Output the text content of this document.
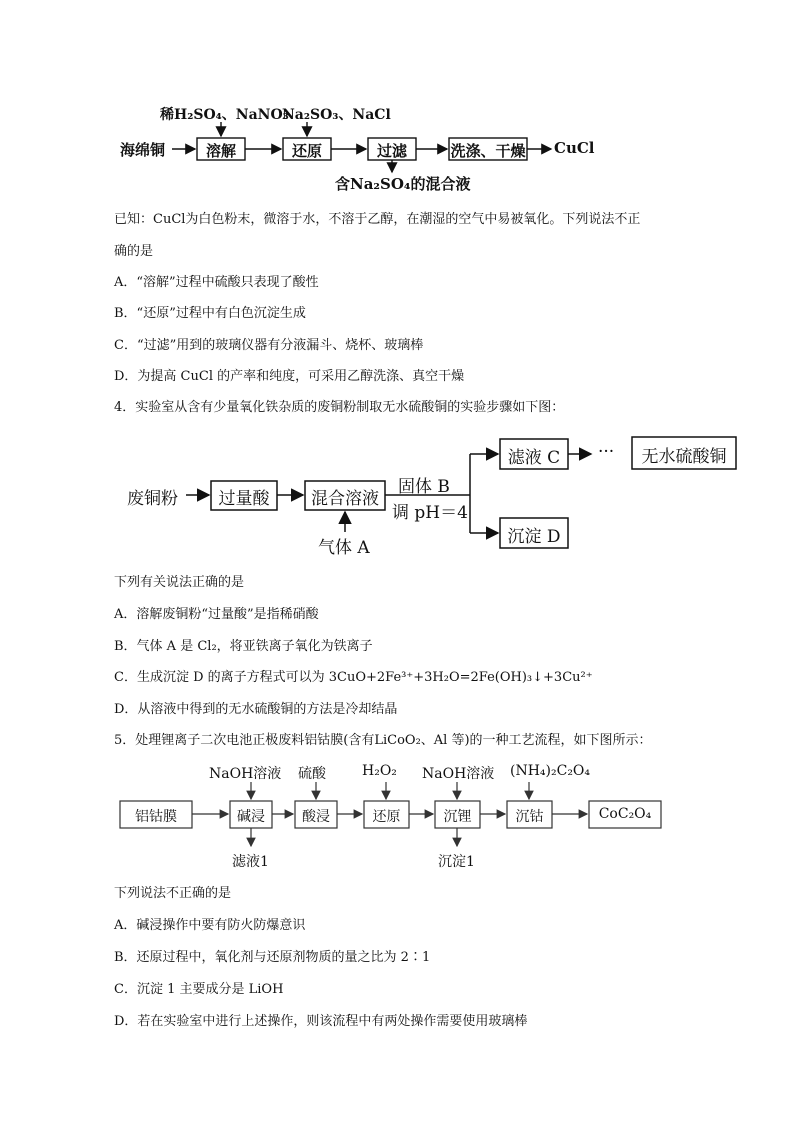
海绵铜
稀H₂SO₄、NaNO₃
Na₂SO₃、NaCl
溶解	还原	过滤	洗涤、干燥 CuCl
含Na₂SO₄的混合液
已知：CuCl为白色粉末，微溶于水，不溶于乙醇，在潮湿的空气中易被氧化。下列说法不正
确的是
A．“溶解”过程中硫酸只表现了酸性
B．“还原”过程中有白色沉淀生成
C．“过滤”用到的玻璃仪器有分液漏斗、烧杯、玻璃棒
D．为提高 CuCl 的产率和纯度，可采用乙醇洗涤、真空干燥
4．实验室从含有少量氧化铁杂质的废铜粉制取无水硫酸铜的实验步骤如下图：
废铜粉	过量酸	混合溶液
气体 A
固体 B
调 pH＝4
滤液 C	···	无水硫酸铜
沉淀 D
下列有关说法正确的是
A．溶解废铜粉“过量酸”是指稀硝酸
B．气体 A 是 Cl₂，将亚铁离子氧化为铁离子
C．生成沉淀 D 的离子方程式可以为 3CuO+2Fe³⁺+3H₂O=2Fe(OH)₃↓+3Cu²⁺
D．从溶液中得到的无水硫酸铜的方法是冷却结晶
5．处理锂离子二次电池正极废料铝钴膜(含有LiCoO₂、Al 等)的一种工艺流程，如下图所示：
NaOH溶液 硫酸	H₂O₂ NaOH溶液 (NH₄)₂C₂O₄
铝钴膜	碱浸	酸浸	还原	沉锂	沉钴	CoC₂O₄
滤液1	沉淀1
下列说法不正确的是
A．碱浸操作中要有防火防爆意识
B．还原过程中，氧化剂与还原剂物质的量之比为 2∶1
C．沉淀 1 主要成分是 LiOH
D．若在实验室中进行上述操作，则该流程中有两处操作需要使用玻璃棒
